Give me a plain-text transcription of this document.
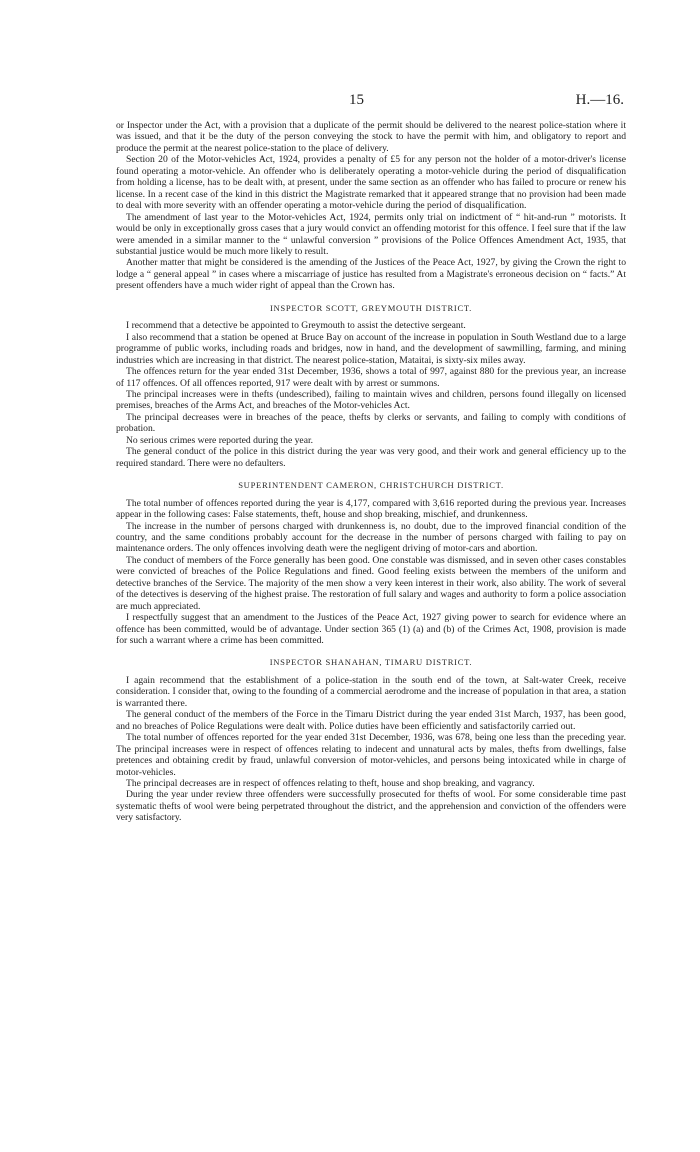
15	H.—16.

or Inspector under the Act, with a provision that a duplicate of the permit should be delivered to the nearest police-station where it was issued, and that it be the duty of the person conveying the stock to have the permit with him, and obligatory to report and produce the permit at the nearest police-station to the place of delivery.

Section 20 of the Motor-vehicles Act, 1924, provides a penalty of £5 for any person not the holder of a motor-driver's license found operating a motor-vehicle. An offender who is deliberately operating a motor-vehicle during the period of disqualification from holding a license, has to be dealt with, at present, under the same section as an offender who has failed to procure or renew his license. In a recent case of the kind in this district the Magistrate remarked that it appeared strange that no provision had been made to deal with more severity with an offender operating a motor-vehicle during the period of disqualification.

The amendment of last year to the Motor-vehicles Act, 1924, permits only trial on indictment of “ hit-and-run ” motorists. It would be only in exceptionally gross cases that a jury would convict an offending motorist for this offence. I feel sure that if the law were amended in a similar manner to the “ unlawful conversion ” provisions of the Police Offences Amendment Act, 1935, that substantial justice would be much more likely to result.

Another matter that might be considered is the amending of the Justices of the Peace Act, 1927, by giving the Crown the right to lodge a “ general appeal ” in cases where a miscarriage of justice has resulted from a Magistrate's erroneous decision on “ facts.” At present offenders have a much wider right of appeal than the Crown has.

INSPECTOR SCOTT, GREYMOUTH DISTRICT.

I recommend that a detective be appointed to Greymouth to assist the detective sergeant.

I also recommend that a station be opened at Bruce Bay on account of the increase in population in South Westland due to a large programme of public works, including roads and bridges, now in hand, and the development of sawmilling, farming, and mining industries which are increasing in that district. The nearest police-station, Mataitai, is sixty-six miles away.

The offences return for the year ended 31st December, 1936, shows a total of 997, against 880 for the previous year, an increase of 117 offences. Of all offences reported, 917 were dealt with by arrest or summons.

The principal increases were in thefts (undescribed), failing to maintain wives and children, persons found illegally on licensed premises, breaches of the Arms Act, and breaches of the Motor-vehicles Act.

The principal decreases were in breaches of the peace, thefts by clerks or servants, and failing to comply with conditions of probation.

No serious crimes were reported during the year.

The general conduct of the police in this district during the year was very good, and their work and general efficiency up to the required standard. There were no defaulters.

SUPERINTENDENT CAMERON, CHRISTCHURCH DISTRICT.

The total number of offences reported during the year is 4,177, compared with 3,616 reported during the previous year. Increases appear in the following cases: False statements, theft, house and shop breaking, mischief, and drunkenness.

The increase in the number of persons charged with drunkenness is, no doubt, due to the improved financial condition of the country, and the same conditions probably account for the decrease in the number of persons charged with failing to pay on maintenance orders. The only offences involving death were the negligent driving of motor-cars and abortion.

The conduct of members of the Force generally has been good. One constable was dismissed, and in seven other cases constables were convicted of breaches of the Police Regulations and fined. Good feeling exists between the members of the uniform and detective branches of the Service. The majority of the men show a very keen interest in their work, also ability. The work of several of the detectives is deserving of the highest praise. The restoration of full salary and wages and authority to form a police association are much appreciated.

I respectfully suggest that an amendment to the Justices of the Peace Act, 1927 giving power to search for evidence where an offence has been committed, would be of advantage. Under section 365 (1) (a) and (b) of the Crimes Act, 1908, provision is made for such a warrant where a crime has been committed.

INSPECTOR SHANAHAN, TIMARU DISTRICT.

I again recommend that the establishment of a police-station in the south end of the town, at Salt-water Creek, receive consideration. I consider that, owing to the founding of a commercial aerodrome and the increase of population in that area, a station is warranted there.

The general conduct of the members of the Force in the Timaru District during the year ended 31st March, 1937, has been good, and no breaches of Police Regulations were dealt with. Police duties have been efficiently and satisfactorily carried out.

The total number of offences reported for the year ended 31st December, 1936, was 678, being one less than the preceding year. The principal increases were in respect of offences relating to indecent and unnatural acts by males, thefts from dwellings, false pretences and obtaining credit by fraud, unlawful conversion of motor-vehicles, and persons being intoxicated while in charge of motor-vehicles.

The principal decreases are in respect of offences relating to theft, house and shop breaking, and vagrancy.

During the year under review three offenders were successfully prosecuted for thefts of wool. For some considerable time past systematic thefts of wool were being perpetrated throughout the district, and the apprehension and conviction of the offenders were very satisfactory.
